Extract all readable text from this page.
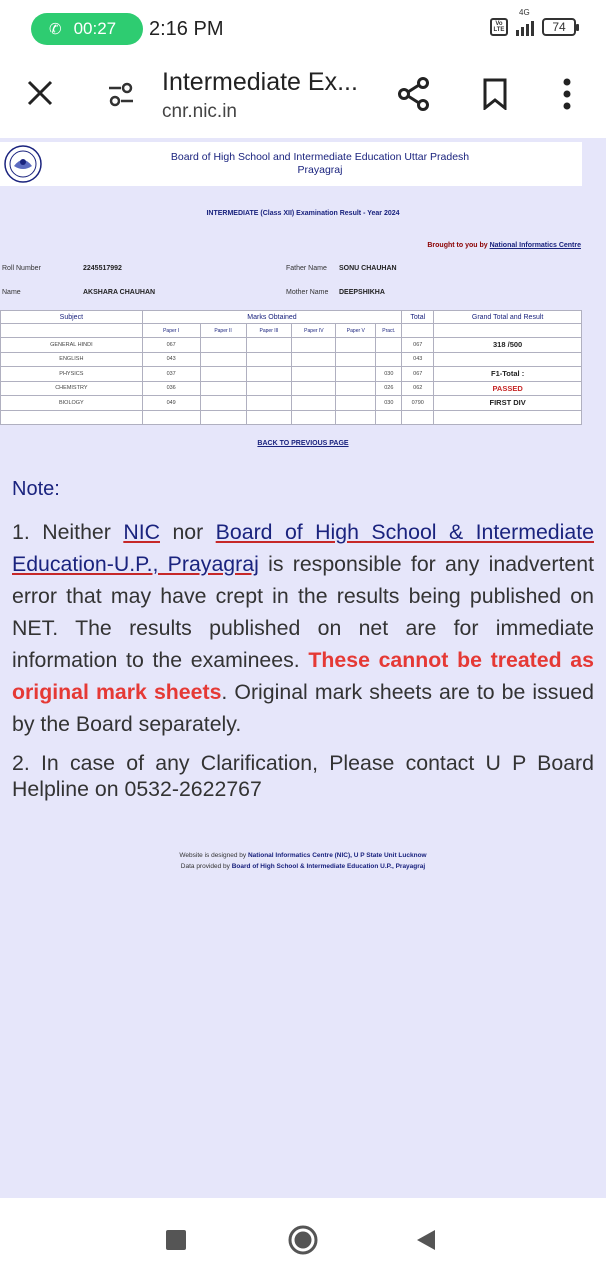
✆ 00:27 2:16 PM	Vo LTE
4G
74
Intermediate Ex...
cnr.nic.in
Board of High School and Intermediate Education Uttar Pradesh
Prayagraj
INTERMEDIATE (Class XII) Examination Result - Year 2024
Brought to you by National Informatics Centre
Roll Number	2245517992	Father Name SONU CHAUHAN
Name	AKSHARA CHAUHAN	Mother Name DEEPSHIKHA
Subject	Marks Obtained						Total	Grand Total and Result
	Paper I	Paper II	Paper III	Paper IV	Paper V	Pract.		
GENERAL HINDI	067						067	318 /500
ENGLISH	043						043	
PHYSICS	037					030	067	F1-Total :
CHEMISTRY	036					026	062	PASSED
BIOLOGY	049					030	0790	FIRST DIV

BACK TO PREVIOUS PAGE
Note:
1. Neither NIC nor Board of High School & Intermediate Education-U.P., Prayagraj is responsible for any inadvertent error that may have crept in the results being published on NET. The results published on net are for immediate information to the examinees. These cannot be treated as original mark sheets. Original mark sheets are to be issued by the Board separately.
2. In case of any Clarification, Please contact U P Board Helpline on 0532-2622767
Website is designed by National Informatics Centre (NIC), U P State Unit Lucknow
Data provided by Board of High School & Intermediate Education U.P., Prayagraj
